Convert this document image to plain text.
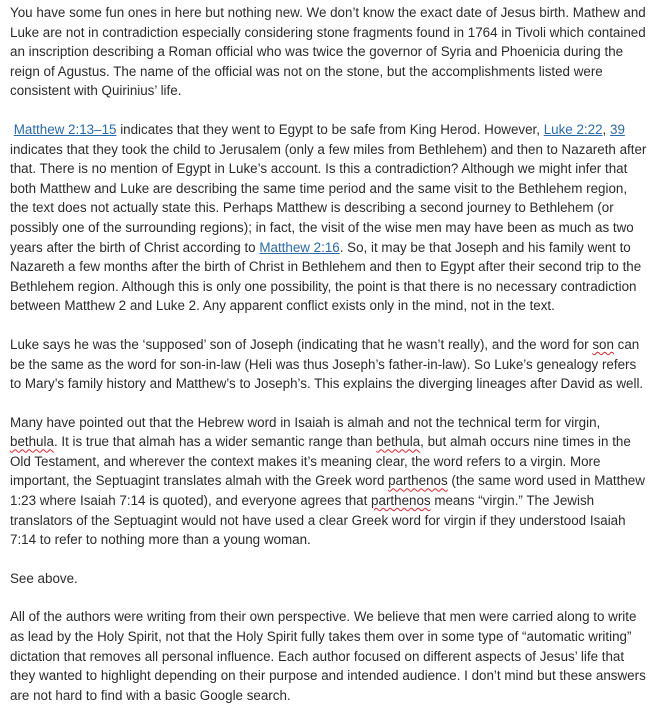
You have some fun ones in here but nothing new. We don’t know the exact date of Jesus birth. Mathew and Luke are not in contradiction especially considering stone fragments found in 1764 in Tivoli which contained an inscription describing a Roman official who was twice the governor of Syria and Phoenicia during the reign of Agustus. The name of the official was not on the stone, but the accomplishments listed were consistent with Quirinius’ life.

Matthew 2:13–15 indicates that they went to Egypt to be safe from King Herod. However, Luke 2:22, 39 indicates that they took the child to Jerusalem (only a few miles from Bethlehem) and then to Nazareth after that. There is no mention of Egypt in Luke’s account. Is this a contradiction? Although we might infer that both Matthew and Luke are describing the same time period and the same visit to the Bethlehem region, the text does not actually state this. Perhaps Matthew is describing a second journey to Bethlehem (or possibly one of the surrounding regions); in fact, the visit of the wise men may have been as much as two years after the birth of Christ according to Matthew 2:16. So, it may be that Joseph and his family went to Nazareth a few months after the birth of Christ in Bethlehem and then to Egypt after their second trip to the Bethlehem region. Although this is only one possibility, the point is that there is no necessary contradiction between Matthew 2 and Luke 2. Any apparent conflict exists only in the mind, not in the text.

Luke says he was the ‘supposed’ son of Joseph (indicating that he wasn’t really), and the word for son can be the same as the word for son-in-law (Heli was thus Joseph’s father-in-law). So Luke’s genealogy refers to Mary’s family history and Matthew’s to Joseph’s. This explains the diverging lineages after David as well.

Many have pointed out that the Hebrew word in Isaiah is almah and not the technical term for virgin, bethula. It is true that almah has a wider semantic range than bethula, but almah occurs nine times in the Old Testament, and wherever the context makes it’s meaning clear, the word refers to a virgin. More important, the Septuagint translates almah with the Greek word parthenos (the same word used in Matthew 1:23 where Isaiah 7:14 is quoted), and everyone agrees that parthenos means “virgin.” The Jewish translators of the Septuagint would not have used a clear Greek word for virgin if they understood Isaiah 7:14 to refer to nothing more than a young woman.

See above.

All of the authors were writing from their own perspective. We believe that men were carried along to write as lead by the Holy Spirit, not that the Holy Spirit fully takes them over in some type of “automatic writing” dictation that removes all personal influence. Each author focused on different aspects of Jesus’ life that they wanted to highlight depending on their purpose and intended audience. I don’t mind but these answers are not hard to find with a basic Google search.
